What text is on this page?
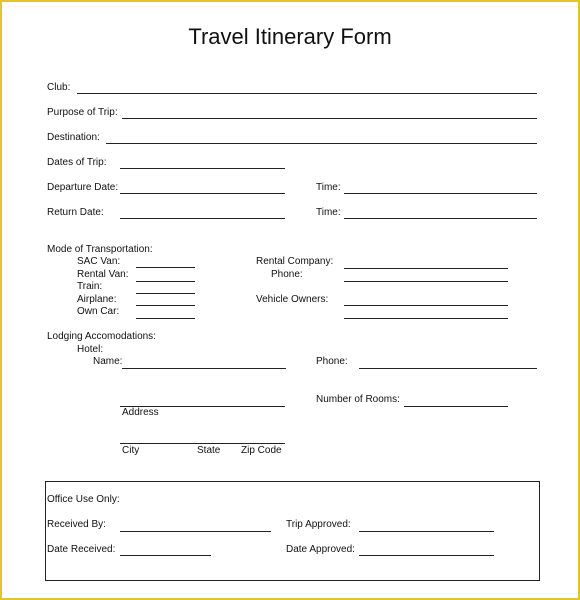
Travel Itinerary Form
Club:
Purpose of Trip:
Destination:
Dates of Trip:
Departure Date:	Time:
Return Date:	Time:
Mode of Transportation:
SAC Van:
Rental Van:
Train:
Airplane:
Own Car:
Rental Company:
Phone:
Vehicle Owners:
Lodging Accomodations:
Hotel:
Name:	Phone:
Address
Number of Rooms:
City	State Zip Code
Office Use Only:
Received By:	Trip Approved:
Date Received:	Date Approved:
